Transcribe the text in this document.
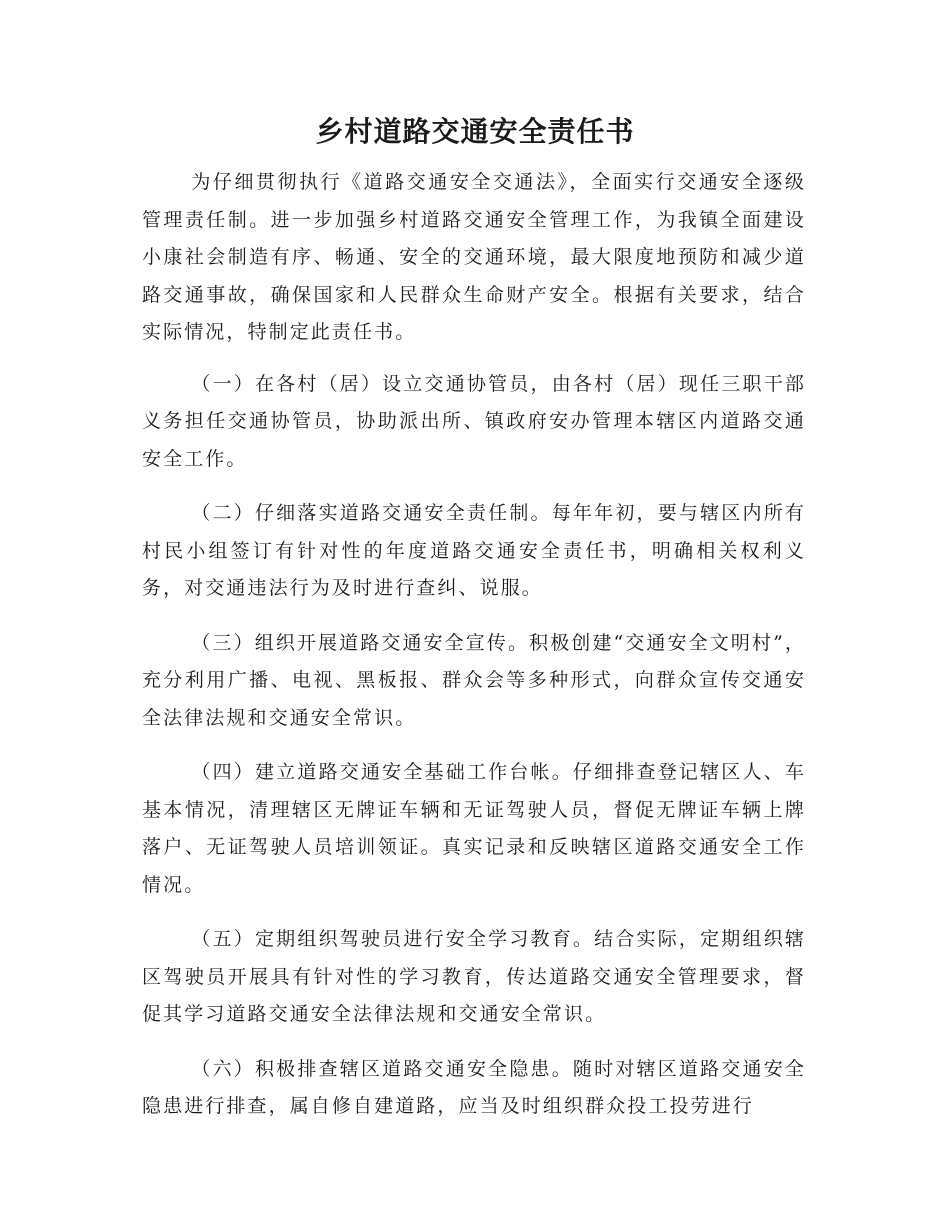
乡村道路交通安全责任书

为仔细贯彻执行《道路交通安全交通法》，全面实行交通安全逐级管理责任制。进一步加强乡村道路交通安全管理工作，为我镇全面建设小康社会制造有序、畅通、安全的交通环境，最大限度地预防和减少道路交通事故，确保国家和人民群众生命财产安全。根据有关要求，结合实际情况，特制定此责任书。

（一）在各村（居）设立交通协管员，由各村（居）现任三职干部义务担任交通协管员，协助派出所、镇政府安办管理本辖区内道路交通安全工作。

（二）仔细落实道路交通安全责任制。每年年初，要与辖区内所有村民小组签订有针对性的年度道路交通安全责任书，明确相关权利义务，对交通违法行为及时进行查纠、说服。

（三）组织开展道路交通安全宣传。积极创建“交通安全文明村”，充分利用广播、电视、黑板报、群众会等多种形式，向群众宣传交通安全法律法规和交通安全常识。

（四）建立道路交通安全基础工作台帐。仔细排查登记辖区人、车基本情况，清理辖区无牌证车辆和无证驾驶人员，督促无牌证车辆上牌落户、无证驾驶人员培训领证。真实记录和反映辖区道路交通安全工作情况。

（五）定期组织驾驶员进行安全学习教育。结合实际，定期组织辖区驾驶员开展具有针对性的学习教育，传达道路交通安全管理要求，督促其学习道路交通安全法律法规和交通安全常识。

（六）积极排查辖区道路交通安全隐患。随时对辖区道路交通安全隐患进行排查，属自修自建道路，应当及时组织群众投工投劳进行
